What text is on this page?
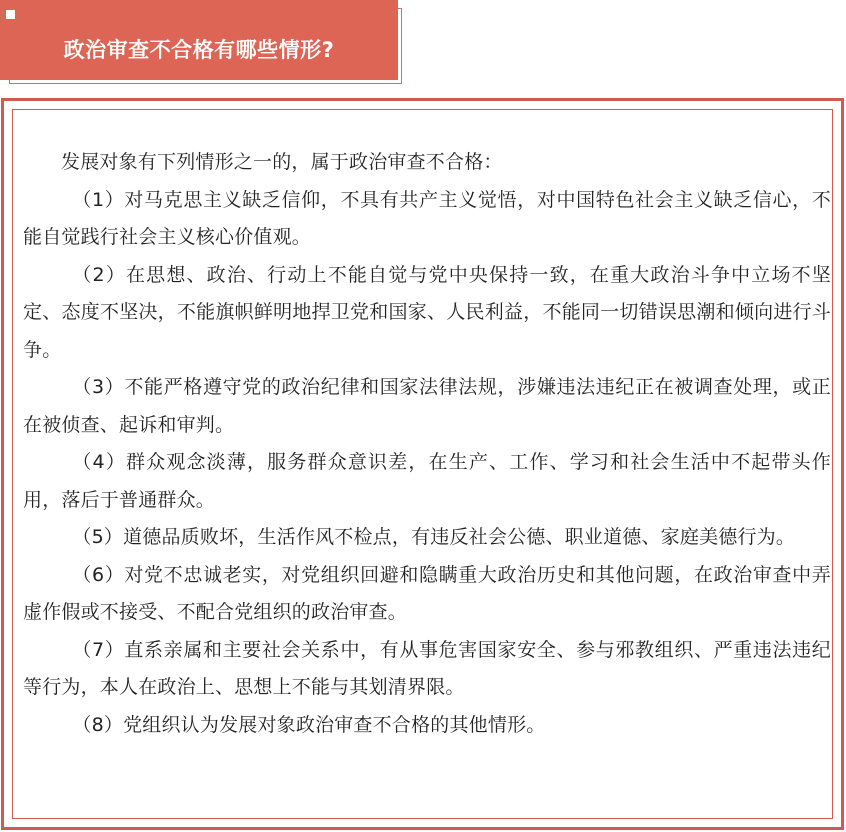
政治审查不合格有哪些情形?

发展对象有下列情形之一的，属于政治审查不合格：

（1）对马克思主义缺乏信仰，不具有共产主义觉悟，对中国特色社会主义缺乏信心，不能自觉践行社会主义核心价值观。

（2）在思想、政治、行动上不能自觉与党中央保持一致，在重大政治斗争中立场不坚定、态度不坚决，不能旗帜鲜明地捍卫党和国家、人民利益，不能同一切错误思潮和倾向进行斗争。

（3）不能严格遵守党的政治纪律和国家法律法规，涉嫌违法违纪正在被调查处理，或正在被侦查、起诉和审判。

（4）群众观念淡薄，服务群众意识差，在生产、工作、学习和社会生活中不起带头作用，落后于普通群众。

（5）道德品质败坏，生活作风不检点，有违反社会公德、职业道德、家庭美德行为。

（6）对党不忠诚老实，对党组织回避和隐瞒重大政治历史和其他问题，在政治审查中弄虚作假或不接受、不配合党组织的政治审查。

（7）直系亲属和主要社会关系中，有从事危害国家安全、参与邪教组织、严重违法违纪等行为，本人在政治上、思想上不能与其划清界限。

（8）党组织认为发展对象政治审查不合格的其他情形。
